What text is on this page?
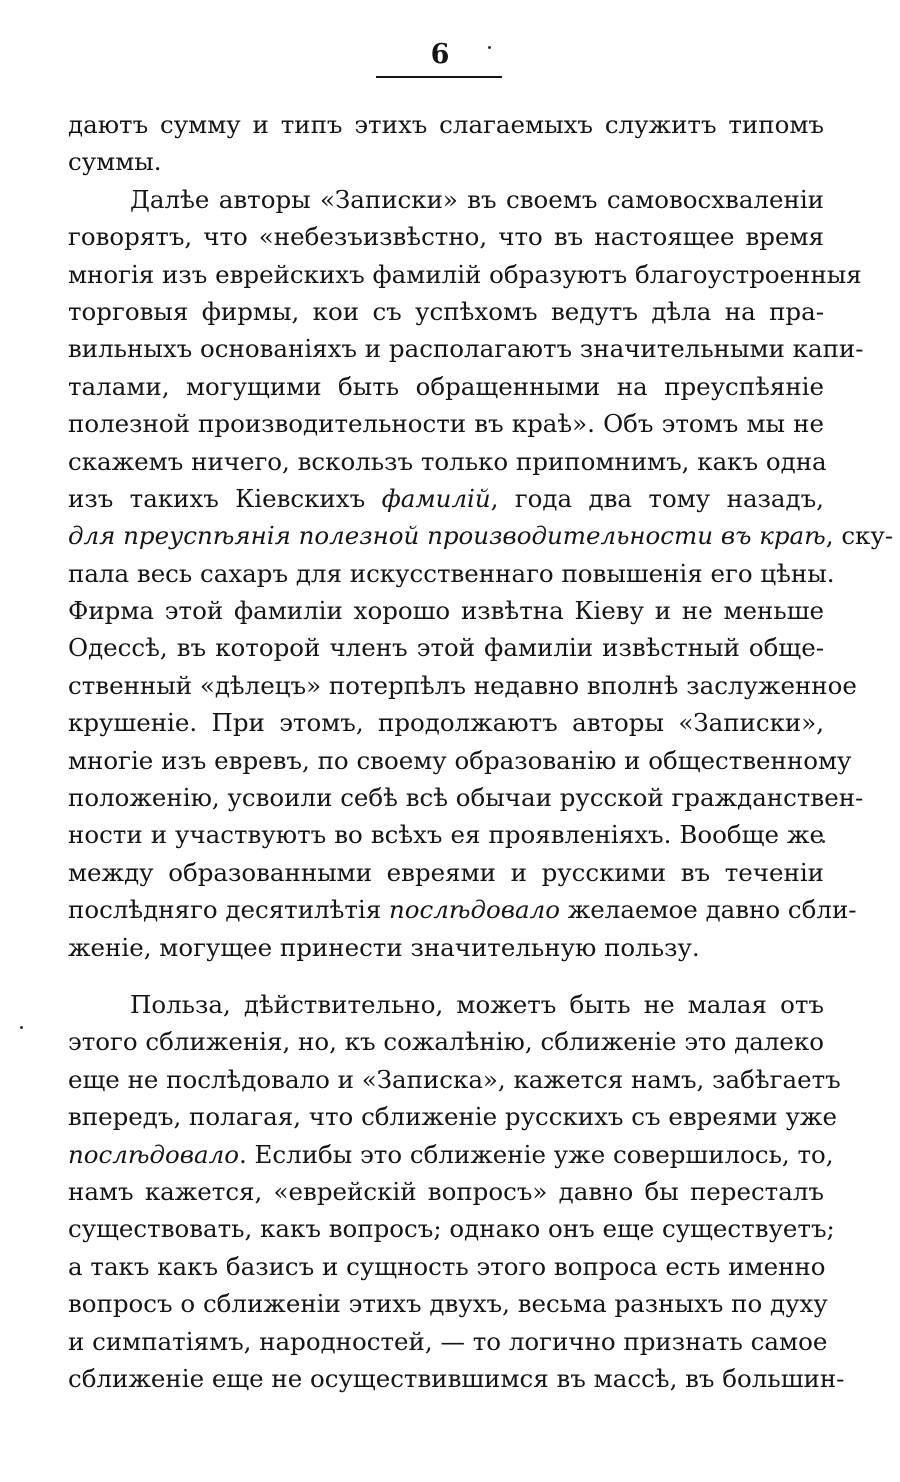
6
даютъ сумму и типъ этихъ слагаемыхъ служитъ типомъ
суммы.
Далѣе авторы «Записки» въ своемъ самовосхваленіи
говорятъ, что «небезъизвѣстно, что въ настоящее время
многія изъ еврейскихъ фамилій образуютъ благоустроенныя
торговыя фирмы, кои съ успѣхомъ ведутъ дѣла на пра-
вильныхъ основаніяхъ и располагаютъ значительными капи-
талами, могущими быть обращенными на преуспѣяніе
полезной производительности въ краѣ». Объ этомъ мы не
скажемъ ничего, вскользъ только припомнимъ, какъ одна
изъ такихъ Кіевскихъ фамилій, года два тому назадъ,
для преуспѣянія полезной производительности въ краѣ, ску-
пала весь сахаръ для искусственнаго повышенія его цѣны.
Фирма этой фамиліи хорошо извѣтна Кіеву и не меньше
Одессѣ, въ которой членъ этой фамиліи извѣстный обще-
ственный «дѣлецъ» потерпѣлъ недавно вполнѣ заслуженное
крушеніе. При этомъ, продолжаютъ авторы «Записки»,
многіе изъ евревъ, по своему образованію и общественному
положенію, усвоили себѣ всѣ обычаи русской гражданствен-
ности и участвуютъ во всѣхъ ея проявленіяхъ. Вообще же
между образованными евреями и русскими въ теченіи
послѣдняго десятилѣтія послѣдовало желаемое давно сбли-
женіе, могущее принести значительную пользу.
Польза, дѣйствительно, можетъ быть не малая отъ
этого сближенія, но, къ сожалѣнію, сближеніе это далеко
еще не послѣдовало и «Записка», кажется намъ, забѣгаетъ
впередъ, полагая, что сближеніе русскихъ съ евреями уже
послѣдовало. Еслибы это сближеніе уже совершилось, то,
намъ кажется, «еврейскій вопросъ» давно бы пересталъ
существовать, какъ вопросъ; однако онъ еще существуетъ;
а такъ какъ базисъ и сущность этого вопроса есть именно
вопросъ о сближеніи этихъ двухъ, весьма разныхъ по духу
и симпатіямъ, народностей, — то логично признать самое
сближеніе еще не осуществившимся въ массѣ, въ большин-
